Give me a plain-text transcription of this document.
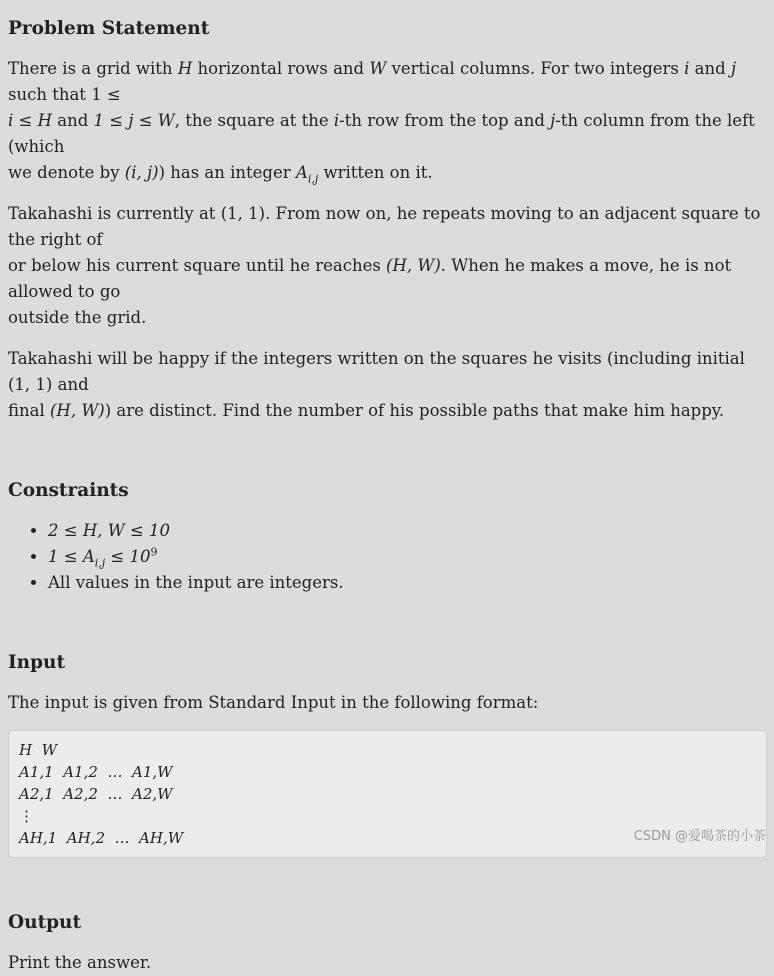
Problem Statement

There is a grid with H horizontal rows and W vertical columns. For two integers i and j such that 1 ≤
i ≤ H and 1 ≤ j ≤ W, the square at the i-th row from the top and j-th column from the left (which
we denote by (i, j)) has an integer $A_{i,j}$ written on it.

Takahashi is currently at (1, 1). From now on, he repeats moving to an adjacent square to the right of
or below his current square until he reaches (H, W). When he makes a move, he is not allowed to go
outside the grid.

Takahashi will be happy if the integers written on the squares he visits (including initial (1, 1) and
final (H, W)) are distinct. Find the number of his possible paths that make him happy.

Constraints
• 2 ≤ H, W ≤ 10
• $1 \le A_{i,j} \le 10^9$
• All values in the input are integers.
Input

The input is given from Standard Input in the following format:

H  W
A1,1  A1,2  …  A1,W
A2,1  A2,2  …  A2,W
⋮
AH,1  AH,2  …  AH,W
Output

Print the answer.

CSDN @爱喝茶的小茶
